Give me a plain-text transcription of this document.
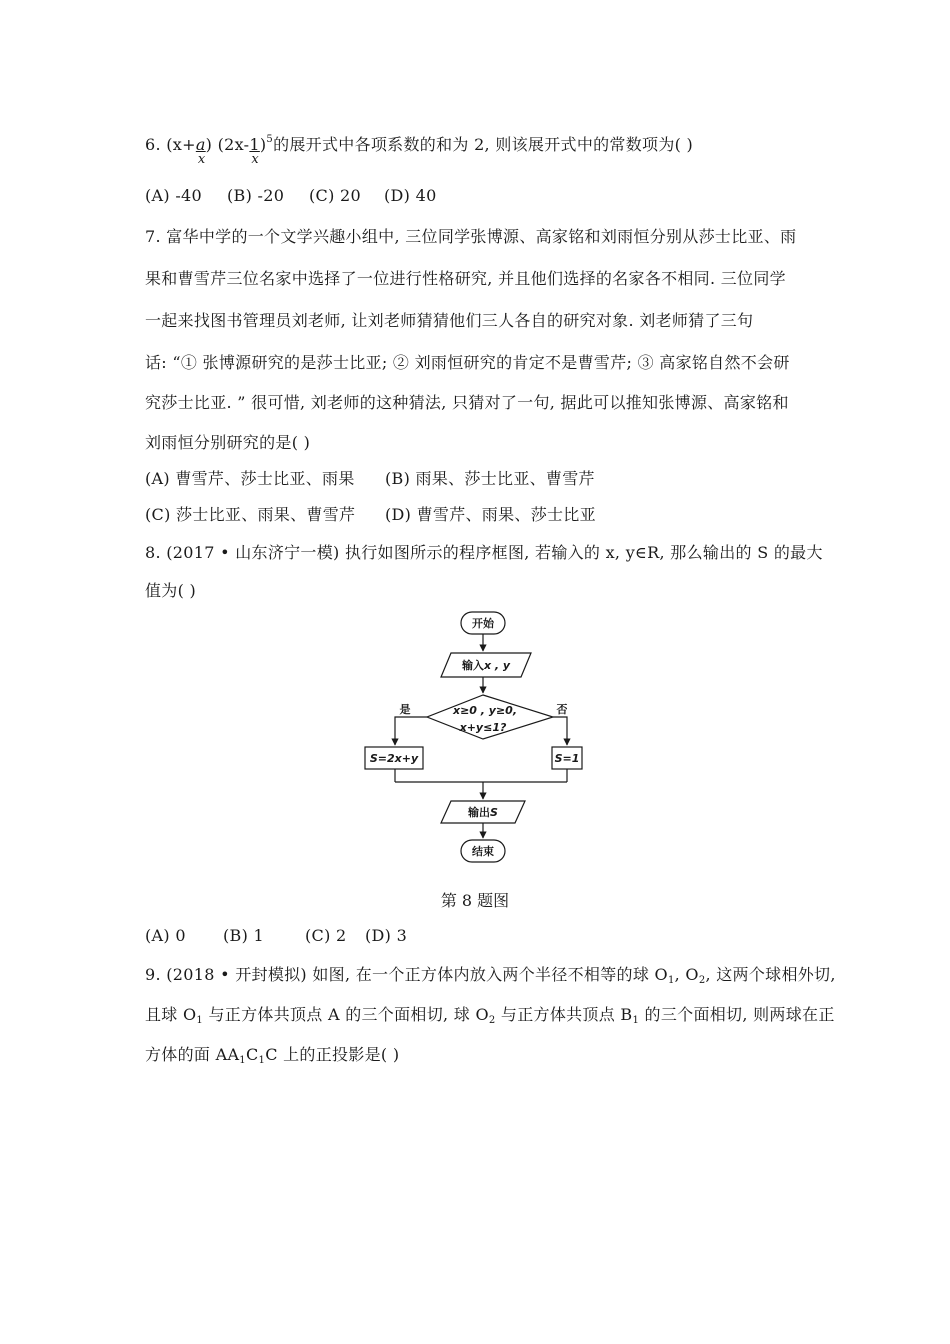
6. ($x+\frac{a}{x}$ ) $(2x-\frac{1}{x} )^5$的展开式中各项系数的和为 2, 则该展开式中的常数项为( )
(A) -40 (B) -20 (C) 20 (D) 40
7. 富华中学的一个文学兴趣小组中, 三位同学张博源、高家铭和刘雨恒分别从莎士比亚、雨
果和曹雪芹三位名家中选择了一位进行性格研究, 并且他们选择的名家各不相同. 三位同学
一起来找图书管理员刘老师, 让刘老师猜猜他们三人各自的研究对象. 刘老师猜了三句
话: “① 张博源研究的是莎士比亚; ② 刘雨恒研究的肯定不是曹雪芹; ③ 高家铭自然不会研
究莎士比亚. ” 很可惜, 刘老师的这种猜法, 只猜对了一句, 据此可以推知张博源、高家铭和
刘雨恒分别研究的是( )
(A) 曹雪芹、莎士比亚、雨果 (B) 雨果、莎士比亚、曹雪芹
(C) 莎士比亚、雨果、曹雪芹 (D) 曹雪芹、雨果、莎士比亚
8. (2017 • 山东济宁一模) 执行如图所示的程序框图, 若输入的 x, y∈R, 那么输出的 S 的最大
值为( )
开始
输入x , y
x≥0 , y≥0,
x+y≤1?
是	否
S=2x+y	S=1
输出S
结束
第 8 题图
(A) 0 (B) 1	(C) 2 (D) 3
9. (2018 • 开封模拟) 如图, 在一个正方体内放入两个半径不相等的球 $O_1$, $O_2$, 这两个球相外切,
且球 $O_1$ 与正方体共顶点 A 的三个面相切, 球 $O_2$ 与正方体共顶点 $B_1$ 的三个面相切, 则两球在正
方体的面 $AA_1C_1C$ 上的正投影是( )
